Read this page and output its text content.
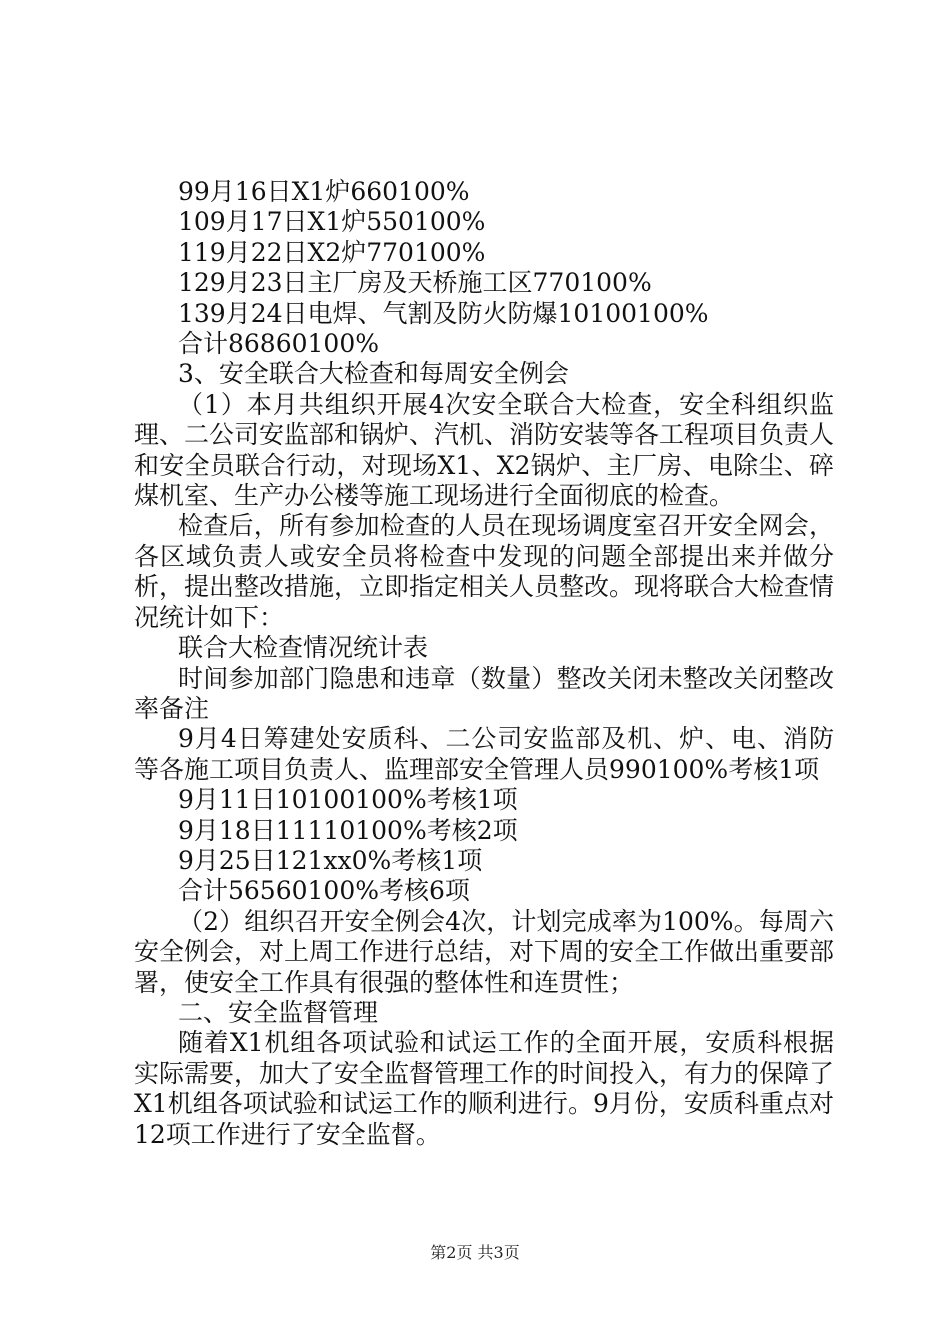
99月16日X1炉660100%
109月17日X1炉550100%
119月22日X2炉770100%
129月23日主厂房及天桥施工区770100%
139月24日电焊、气割及防火防爆10100100%
合计86860100%
3、安全联合大检查和每周安全例会
（1）本月共组织开展4次安全联合大检查，安全科组织监理、二公司安监部和锅炉、汽机、消防安装等各工程项目负责人和安全员联合行动，对现场X1、X2锅炉、主厂房、电除尘、碎煤机室、生产办公楼等施工现场进行全面彻底的检查。
检查后，所有参加检查的人员在现场调度室召开安全网会，各区域负责人或安全员将检查中发现的问题全部提出来并做分析，提出整改措施，立即指定相关人员整改。现将联合大检查情况统计如下：
联合大检查情况统计表
时间参加部门隐患和违章（数量）整改关闭未整改关闭整改率备注
9月4日筹建处安质科、二公司安监部及机、炉、电、消防等各施工项目负责人、监理部安全管理人员990100%考核1项
9月11日10100100%考核1项
9月18日11110100%考核2项
9月25日121xx0%考核1项
合计56560100%考核6项
（2）组织召开安全例会4次，计划完成率为100%。每周六安全例会，对上周工作进行总结，对下周的安全工作做出重要部署，使安全工作具有很强的整体性和连贯性；
二、安全监督管理
随着X1机组各项试验和试运工作的全面开展，安质科根据实际需要，加大了安全监督管理工作的时间投入，有力的保障了X1机组各项试验和试运工作的顺利进行。9月份，安质科重点对12项工作进行了安全监督。
第2页 共3页
